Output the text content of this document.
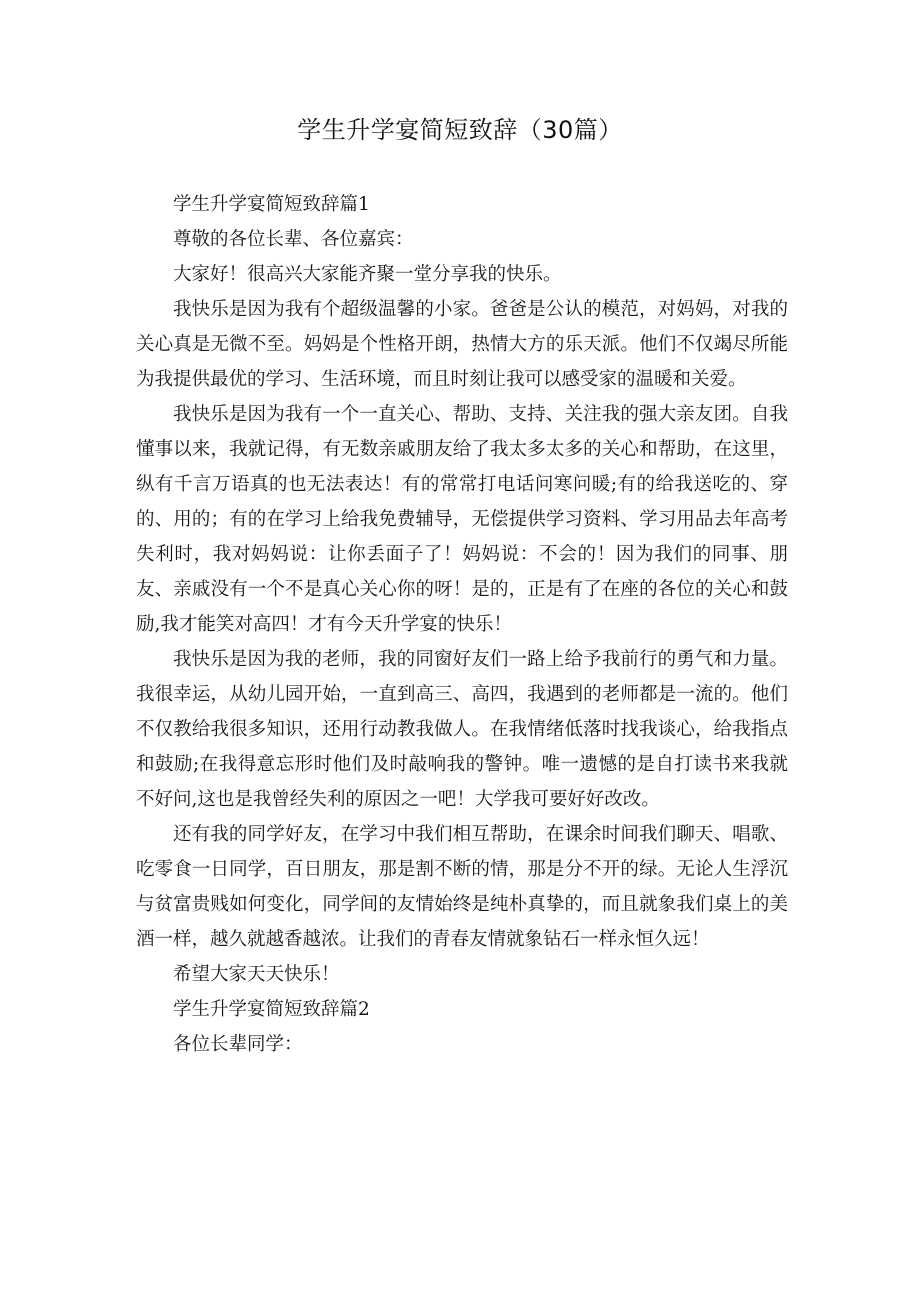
学生升学宴简短致辞（30篇）

学生升学宴简短致辞篇1

尊敬的各位长辈、各位嘉宾：

大家好！很高兴大家能齐聚一堂分享我的快乐。

我快乐是因为我有个超级温馨的小家。爸爸是公认的模范，对妈妈，对我的关心真是无微不至。妈妈是个性格开朗，热情大方的乐天派。他们不仅竭尽所能为我提供最优的学习、生活环境，而且时刻让我可以感受家的温暖和关爱。

我快乐是因为我有一个一直关心、帮助、支持、关注我的强大亲友团。自我懂事以来，我就记得，有无数亲戚朋友给了我太多太多的关心和帮助，在这里，纵有千言万语真的也无法表达！有的常常打电话问寒问暖;有的给我送吃的、穿的、用的；有的在学习上给我免费辅导，无偿提供学习资料、学习用品去年高考失利时，我对妈妈说：让你丢面子了！妈妈说：不会的！因为我们的同事、朋友、亲戚没有一个不是真心关心你的呀！是的，正是有了在座的各位的关心和鼓励,我才能笑对高四！才有今天升学宴的快乐！

我快乐是因为我的老师，我的同窗好友们一路上给予我前行的勇气和力量。我很幸运，从幼儿园开始，一直到高三、高四，我遇到的老师都是一流的。他们不仅教给我很多知识，还用行动教我做人。在我情绪低落时找我谈心，给我指点和鼓励;在我得意忘形时他们及时敲响我的警钟。唯一遗憾的是自打读书来我就不好问,这也是我曾经失利的原因之一吧！大学我可要好好改改。

还有我的同学好友，在学习中我们相互帮助，在课余时间我们聊天、唱歌、吃零食一日同学，百日朋友，那是割不断的情，那是分不开的绿。无论人生浮沉与贫富贵贱如何变化，同学间的友情始终是纯朴真挚的，而且就象我们桌上的美酒一样，越久就越香越浓。让我们的青春友情就象钻石一样永恒久远！

希望大家天天快乐！

学生升学宴简短致辞篇2

各位长辈同学：
